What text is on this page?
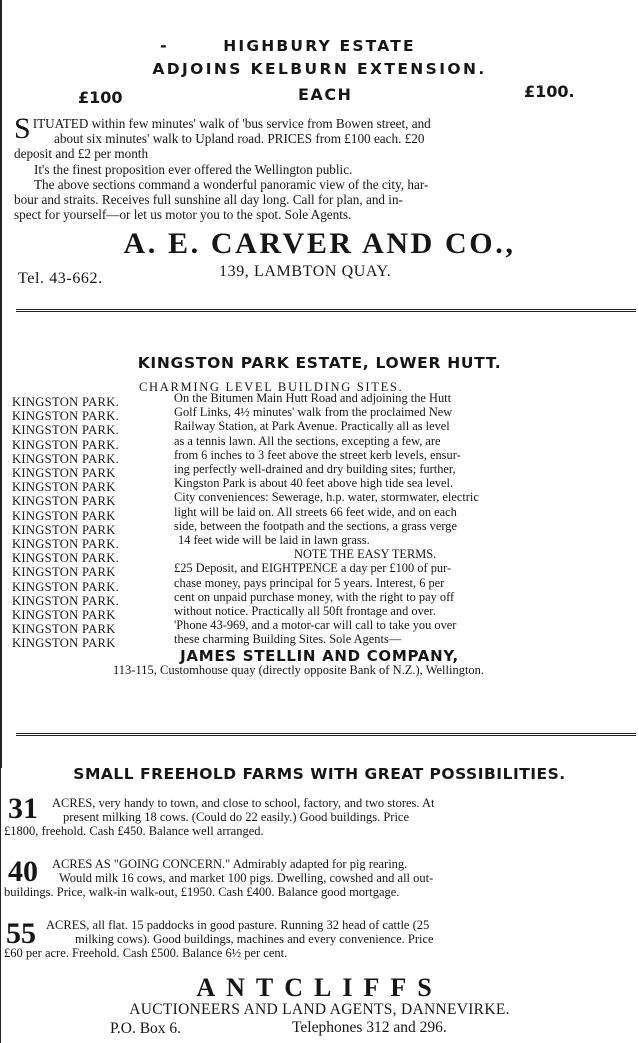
-	HIGHBURY ESTATE
ADJOINS KELBURN EXTENSION.
£100	EACH	£100.
S ITUATED within few minutes' walk of 'bus service from Bowen street, and
about six minutes' walk to Upland road. PRICES from £100 each. £20
deposit and £2 per month
It's the finest proposition ever offered the Wellington public.
The above sections command a wonderful panoramic view of the city, har-
bour and straits. Receives full sunshine all day long. Call for plan, and in-
spect for yourself—or let us motor you to the spot. Sole Agents.
A. E. CARVER AND CO.,
Tel. 43-662.	139, LAMBTON QUAY.
KINGSTON PARK ESTATE, LOWER HUTT.
CHARMING LEVEL BUILDING SITES.
KINGSTON PARK.
KINGSTON PARK.
KINGSTON PARK.
KINGSTON PARK.
KINGSTON PARK.
KINGSTON PARK
KINGSTON PARK
KINGSTON PARK
KINGSTON PARK
KINGSTON PARK
KINGSTON PARK.
KINGSTON PARK.
KINGSTON PARK
KINGSTON PARK.
KINGSTON PARK.
KINGSTON PARK
KINGSTON PARK
KINGSTON PARK
On the Bitumen Main Hutt Road and adjoining the Hutt
Golf Links, 4½ minutes' walk from the proclaimed New
Railway Station, at Park Avenue. Practically all as level
as a tennis lawn. All the sections, excepting a few, are
from 6 inches to 3 feet above the street kerb levels, ensur-
ing perfectly well-drained and dry building sites; further,
Kingston Park is about 40 feet above high tide sea level.
City conveniences: Sewerage, h.p. water, stormwater, electric
light will be laid on. All streets 66 feet wide, and on each
side, between the footpath and the sections, a grass verge
14 feet wide will be laid in lawn grass.
NOTE THE EASY TERMS.
£25 Deposit, and EIGHTPENCE a day per £100 of pur-
chase money, pays principal for 5 years. Interest, 6 per
cent on unpaid purchase money, with the right to pay off
without notice. Practically all 50ft frontage and over.
'Phone 43-969, and a motor-car will call to take you over
these charming Building Sites. Sole Agents—
JAMES STELLIN AND COMPANY,
113-115, Customhouse quay (directly opposite Bank of N.Z.), Wellington.
SMALL FREEHOLD FARMS WITH GREAT POSSIBILITIES.
31	ACRES, very handy to town, and close to school, factory, and two stores. At
present milking 18 cows. (Could do 22 easily.) Good buildings. Price
£1800, freehold. Cash £450. Balance well arranged.
40	ACRES AS "GOING CONCERN." Admirably adapted for pig rearing.
Would milk 16 cows, and market 100 pigs. Dwelling, cowshed and all out-
buildings. Price, walk-in walk-out, £1950. Cash £400. Balance good mortgage.
55 ACRES, all flat. 15 paddocks in good pasture. Running 32 head of cattle (25
milking cows). Good buildings, machines and every convenience. Price
£60 per acre. Freehold. Cash £500. Balance 6½ per cent.
ANTCLIFFS
AUCTIONEERS AND LAND AGENTS, DANNEVIRKE.
P.O. Box 6.	Telephones 312 and 296.
